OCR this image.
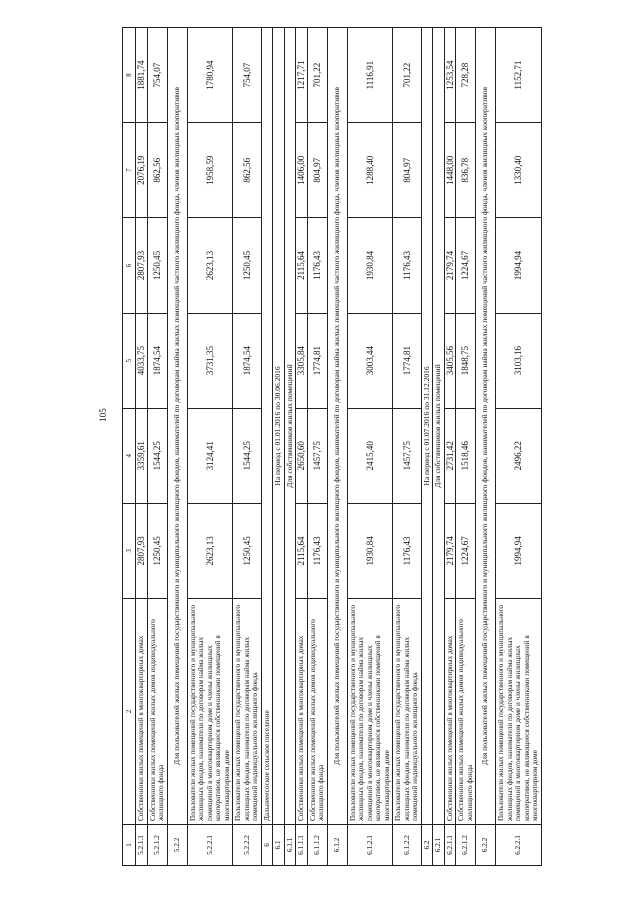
105
1	2	3	4	5	6	7	8
5.2.1.1	Собственники жилых помещений в многоквартирных домах	2807,93	3359,61	4033,75	2807,93	2076,19	1881,74
5.2.1.2	Собственники жилых помещений жилых домов индивидуального жилищного фонда	1250,45	1544,25	1874,54	1250,45	862,56	754,07
5.2.2	Для пользователей жилых помещений государственного и муниципального жилищного фондов, нанимателей по договорам найма жилых помещений частного жилищного фонда, членов жилищных кооперативов						
5.2.2.1	Пользователи жилых помещений государственного и муниципального жилищных фондов, наниматели по договорам найма жилых помещений в многоквартирном доме и члены жилищных кооперативов, не являющиеся собственниками помещений в многоквартирном доме	2623,13	3124,41	3731,35	2623,13	1958,59	1780,94
5.2.2.2	Пользователи жилых помещений государственного и муниципального жилищных фондов, наниматели по договорам найма жилых помещений индивидуального жилищного фонда	1250,45	1544,25	1874,54	1250,45	862,56	754,07
6	Дальнееесоское сельское поселение						
6.1	На период с 01.01.2016 по 30.06.2016						
6.1.1	Для собственников жилых помещений						
6.1.1.1	Собственники жилых помещений в многоквартирных домах	2115,64	2650,60	3305,84	2115,64	1406,00	1217,71
6.1.1.2	Собственники жилых помещений жилых домов индивидуального жилищного фонда	1176,43	1457,75	1774,81	1176,43	804,97	701,22
6.1.2	Для пользователей жилых помещений государственного и муниципального жилищного фондов, нанимателей по договорам найма жилых помещений частного жилищного фонда, членов жилищных кооперативов						
6.1.2.1	Пользователи жилых помещений государственного и муниципального жилищных фондов, наниматели по договорам найма жилых помещений в многоквартирном доме и члены жилищных кооперативов, не являющиеся собственниками помещений в многоквартирном доме	1930,84	2415,40	3003,44	1930,84	1288,40	1116,91
6.1.2.2	Пользователи жилых помещений государственного и муниципального жилищных фондов, наниматели по договорам найма жилых помещений индивидуального жилищного фонда	1176,43	1457,75	1774,81	1176,43	804,97	701,22
6.2	На период с 01.07.2016 по 31.12.2016						
6.2.1	Для собственников жилых помещений						
6.2.1.1	Собственники жилых помещений в многоквартирных домах	2179,74	2731,42	3405,56	2179,74	1448,00	1253,54
6.2.1.2	Собственники жилых помещений жилых домов индивидуального жилищного фонда	1224,67	1518,46	1848,75	1224,67	836,78	728,28
6.2.2	Для пользователей жилых помещений государственного и муниципального жилищного фондов, нанимателей по договорам найма жилых помещений частного жилищного фонда, членов жилищных кооперативов						
6.2.2.1	Пользователи жилых помещений государственного и муниципального жилищных фондов, наниматели по договорам найма жилых помещений в многоквартирном доме и члены жилищных кооперативов, не являющиеся собственниками помещений в многоквартирном доме	1994,94	2496,22	3103,16	1994,94	1330,40	1152,71
